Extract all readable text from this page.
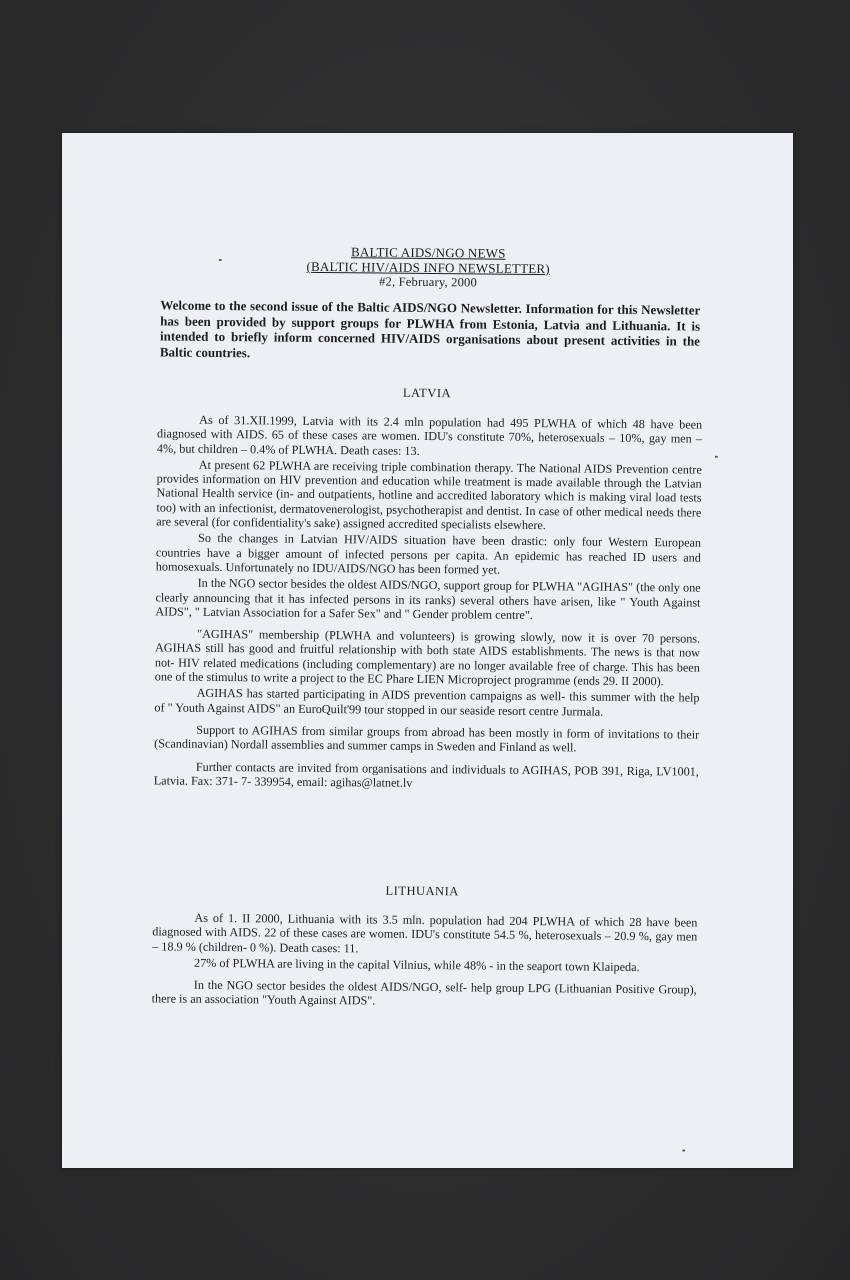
BALTIC AIDS/NGO NEWS
(BALTIC HIV/AIDS INFO NEWSLETTER)
#2, February, 2000
Welcome to the second issue of the Baltic AIDS/NGO Newsletter. Information for this Newsletter has been provided by support groups for PLWHA from Estonia, Latvia and Lithuania. It is intended to briefly inform concerned HIV/AIDS organisations about present activities in the Baltic countries.
LATVIA

As of 31.XII.1999, Latvia with its 2.4 mln population had 495 PLWHA of which 48 have been diagnosed with AIDS. 65 of these cases are women. IDU's constitute 70%, heterosexuals – 10%, gay men – 4%, but children – 0.4% of PLWHA. Death cases: 13.

At present 62 PLWHA are receiving triple combination therapy. The National AIDS Prevention centre provides information on HIV prevention and education while treatment is made available through the Latvian National Health service (in- and outpatients, hotline and accredited laboratory which is making viral load tests too) with an infectionist, dermatovenerologist, psychotherapist and dentist. In case of other medical needs there are several (for confidentiality's sake) assigned accredited specialists elsewhere.

So the changes in Latvian HIV/AIDS situation have been drastic: only four Western European countries have a bigger amount of infected persons per capita. An epidemic has reached ID users and homosexuals. Unfortunately no IDU/AIDS/NGO has been formed yet.

In the NGO sector besides the oldest AIDS/NGO, support group for PLWHA "AGIHAS" (the only one clearly announcing that it has infected persons in its ranks) several others have arisen, like " Youth Against AIDS", " Latvian Association for a Safer Sex" and " Gender problem centre".

"AGIHAS" membership (PLWHA and volunteers) is growing slowly, now it is over 70 persons. AGIHAS still has good and fruitful relationship with both state AIDS establishments. The news is that now not- HIV related medications (including complementary) are no longer available free of charge. This has been one of the stimulus to write a project to the EC Phare LIEN Microproject programme (ends 29. II 2000).

AGIHAS has started participating in AIDS prevention campaigns as well- this summer with the help of " Youth Against AIDS" an EuroQuilt'99 tour stopped in our seaside resort centre Jurmala.

Support to AGIHAS from similar groups from abroad has been mostly in form of invitations to their (Scandinavian) Nordall assemblies and summer camps in Sweden and Finland as well.

Further contacts are invited from organisations and individuals to AGIHAS, POB 391, Riga, LV1001, Latvia. Fax: 371- 7- 339954, email: agihas@latnet.lv

LITHUANIA

As of 1. II 2000, Lithuania with its 3.5 mln. population had 204 PLWHA of which 28 have been diagnosed with AIDS. 22 of these cases are women. IDU's constitute 54.5 %, heterosexuals – 20.9 %, gay men – 18.9 % (children- 0 %). Death cases: 11.

27% of PLWHA are living in the capital Vilnius, while 48% - in the seaport town Klaipeda.

In the NGO sector besides the oldest AIDS/NGO, self- help group LPG (Lithuanian Positive Group), there is an association "Youth Against AIDS".
